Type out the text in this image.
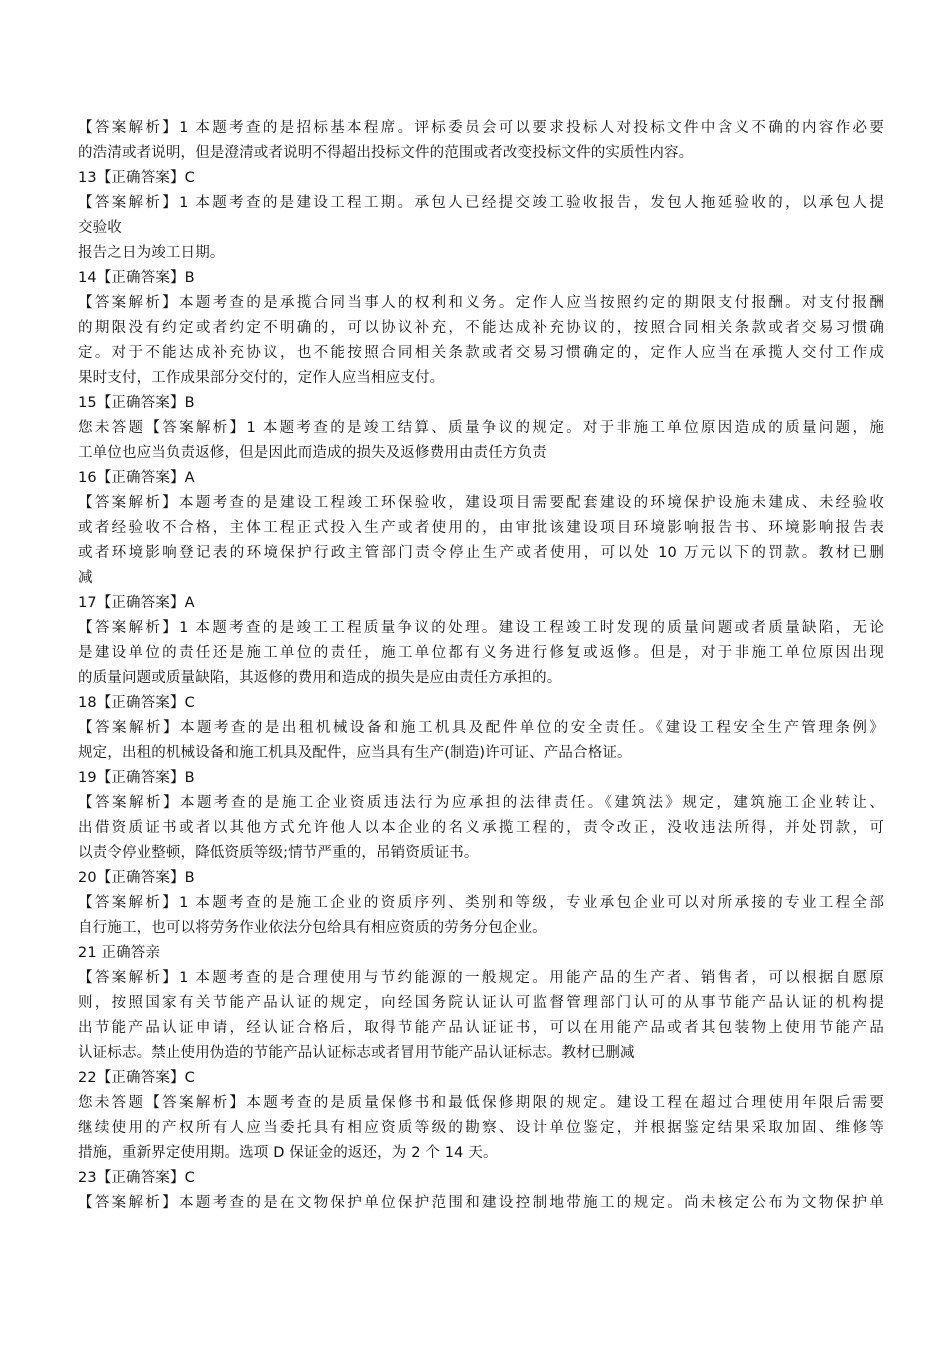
【答案解析】1 本题考查的是招标基本程席。评标委员会可以要求投标人对投标文件中含义不确的内容作必要
的浩清或者说明，但是澄清或者说明不得超出投标文件的范围或者改变投标文件的实质性内容。
13【正确答案】C
【答案解析】1 本题考查的是建设工程工期。承包人已经提交竣工验收报告，发包人拖延验收的，以承包人提
交验收
报告之日为竣工日期。
14【正确答案】B
【答案解析】本题考查的是承揽合同当事人的权利和义务。定作人应当按照约定的期限支付报酬。对支付报酬
的期限没有约定或者约定不明确的，可以协议补充，不能达成补充协议的，按照合同相关条款或者交易习惯确
定。对于不能达成补充协议，也不能按照合同相关条款或者交易习惯确定的，定作人应当在承揽人交付工作成
果时支付，工作成果部分交付的，定作人应当相应支付。
15【正确答案】B
您未答题【答案解析】1 本题考查的是竣工结算、质量争议的规定。对于非施工单位原因造成的质量问题，施
工单位也应当负责返修，但是因此而造成的损失及返修费用由责任方负责
16【正确答案】A
【答案解析】本题考查的是建设工程竣工环保验收，建设项目需要配套建设的环境保护设施未建成、未经验收
或者经验收不合格，主体工程正式投入生产或者使用的，由审批该建设项目环境影响报告书、环境影响报告表
或者环境影响登记表的环境保护行政主管部门责令停止生产或者使用，可以处 10 万元以下的罚款。教材已删
减
17【正确答案】A
【答案解析】1 本题考查的是竣工工程质量争议的处理。建设工程竣工时发现的质量问题或者质量缺陷，无论
是建设单位的责任还是施工单位的责任，施工单位都有义务进行修复或返修。但是，对于非施工单位原因出现
的质量问题或质量缺陷，其返修的费用和造成的损失是应由责任方承担的。
18【正确答案】C
【答案解析】本题考查的是出租机械设备和施工机具及配件单位的安全责任。《建设工程安全生产管理条例》
规定，出租的机械设备和施工机具及配件，应当具有生产(制造)许可证、产品合格证。
19【正确答案】B
【答案解析】本题考查的是施工企业资质违法行为应承担的法律责任。《建筑法》规定，建筑施工企业转让、
出借资质证书或者以其他方式允许他人以本企业的名义承揽工程的，责令改正，没收违法所得，并处罚款，可
以责令停业整顿，降低资质等级;情节严重的，吊销资质证书。
20【正确答案】B
【答案解析】1 本题考查的是施工企业的资质序列、类别和等级，专业承包企业可以对所承接的专业工程全部
自行施工，也可以将劳务作业依法分包给具有相应资质的劳务分包企业。
21 正确答亲
【答案解析】1 本题考查的是合理使用与节约能源的一般规定。用能产品的生产者、销售者，可以根据自愿原
则，按照国家有关节能产品认证的规定，向经国务院认证认可监督管理部门认可的从事节能产品认证的机构提
出节能产品认证申请，经认证合格后，取得节能产品认证证书，可以在用能产品或者其包装物上使用节能产品
认证标志。禁止使用伪造的节能产品认证标志或者冒用节能产品认证标志。教材已删减
22【正确答案】C
您未答题【答案解析】本题考查的是质量保修书和最低保修期限的规定。建设工程在超过合理使用年限后需要
继续使用的产权所有人应当委托具有相应资质等级的勘察、设计单位鉴定，并根据鉴定结果采取加固、维修等
措施，重新界定使用期。选项 D 保证金的返还，为 2 个 14 天。
23【正确答案】C
【答案解析】本题考查的是在文物保护单位保护范围和建设控制地带施工的规定。尚未核定公布为文物保护单
